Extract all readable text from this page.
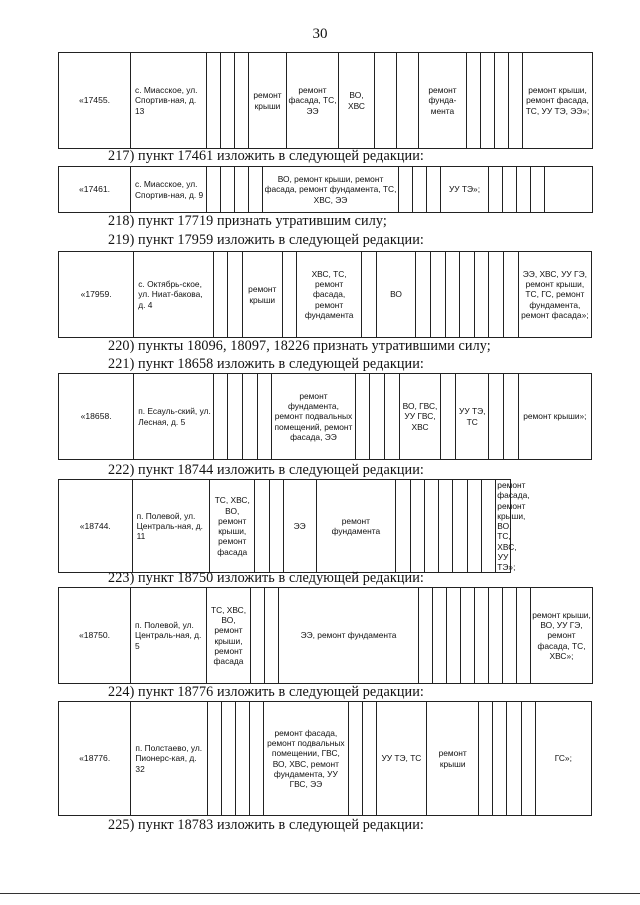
30
«17455.	с. Миасское, ул. Спортив-ная, д. 13				ремонт крыши	ремонт фасада, ТС, ЭЭ	ВО, ХВС			ремонт фунда-мента					ремонт крыши, ремонт фасада, ТС, УУ ТЭ, ЭЭ»;
217) пункт 17461 изложить в следующей редакции:
«17461.	с. Миасское, ул. Спортив-ная, д. 9					ВО, ремонт крыши, ремонт фасада, ремонт фундамента, ТС, ХВС, ЭЭ				УУ ТЭ»;					
218) пункт 17719 признать утратившим силу;
219) пункт 17959 изложить в следующей редакции:
«17959.	с. Октябрь-ское, ул. Ниат-бакова, д. 4			ремонт крыши		ХВС, ТС, ремонт фасада, ремонт фундамента		ВО								ЭЭ, ХВС, УУ ГЭ, ремонт крыши, ТС, ГС, ремонт фундамента, ремонт фасада»;
220) пункты 18096, 18097, 18226 признать утратившими силу;
221) пункт 18658 изложить в следующей редакции:
«18658.	п. Есауль-ский, ул. Лесная, д. 5					ремонт фундамента, ремонт подвальных помещений, ремонт фасада, ЭЭ				ВО, ГВС, УУ ГВС, ХВС		УУ ТЭ, ТС			ремонт крыши»;
222) пункт 18744 изложить в следующей редакции:
«18744.	п. Полевой, ул. Централь-ная, д. 11	ТС, ХВС, ВО, ремонт крыши, ремонт фасада			ЭЭ	ремонт фундамента								ремонт фасада, ремонт крыши, ВО, ТС, ХВС, УУ ТЭ»;
223) пункт 18750 изложить в следующей редакции:
«18750.	п. Полевой, ул. Централь-ная, д. 5	ТС, ХВС, ВО, ремонт крыши, ремонт фасада			ЭЭ, ремонт фундамента									ремонт крыши, ВО, УУ ГЭ, ремонт фасада, ТС, ХВС»;
224) пункт 18776 изложить в следующей редакции:
«18776.	п. Полстаево, ул. Пионерс-кая, д. 32					ремонт фасада, ремонт подвальных помещении, ГВС, ВО, ХВС, ремонт фундамента, УУ ГВС, ЭЭ			УУ ТЭ, ТС	ремонт крыши					ГС»;
225) пункт 18783 изложить в следующей редакции:
